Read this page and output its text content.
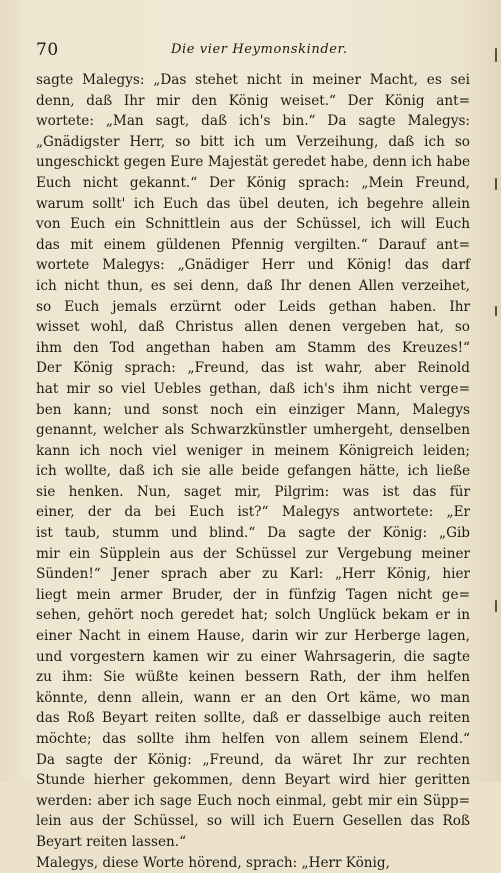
70	Die vier Heymonskinder.
sagte Malegys: „Das stehet nicht in meiner Macht, es sei
denn, daß Ihr mir den König weiset.“ Der König ant=
wortete: „Man sagt, daß ich's bin.“ Da sagte Malegys:
„Gnädigster Herr, so bitt ich um Verzeihung, daß ich so
ungeschickt gegen Eure Majestät geredet habe, denn ich habe
Euch nicht gekannt.“ Der König sprach: „Mein Freund,
warum sollt' ich Euch das übel deuten, ich begehre allein
von Euch ein Schnittlein aus der Schüssel, ich will Euch
das mit einem güldenen Pfennig vergilten.“ Darauf ant=
wortete Malegys: „Gnädiger Herr und König! das darf
ich nicht thun, es sei denn, daß Ihr denen Allen verzeihet,
so Euch jemals erzürnt oder Leids gethan haben. Ihr
wisset wohl, daß Christus allen denen vergeben hat, so
ihm den Tod angethan haben am Stamm des Kreuzes!“
Der König sprach: „Freund, das ist wahr, aber Reinold
hat mir so viel Uebles gethan, daß ich's ihm nicht verge=
ben kann; und sonst noch ein einziger Mann, Malegys
genannt, welcher als Schwarzkünstler umhergeht, denselben
kann ich noch viel weniger in meinem Königreich leiden;
ich wollte, daß ich sie alle beide gefangen hätte, ich ließe
sie henken. Nun, saget mir, Pilgrim: was ist das für
einer, der da bei Euch ist?“ Malegys antwortete: „Er
ist taub, stumm und blind.“ Da sagte der König: „Gib
mir ein Süpplein aus der Schüssel zur Vergebung meiner
Sünden!“ Jener sprach aber zu Karl: „Herr König, hier
liegt mein armer Bruder, der in fünfzig Tagen nicht ge=
sehen, gehört noch geredet hat; solch Unglück bekam er in
einer Nacht in einem Hause, darin wir zur Herberge lagen,
und vorgestern kamen wir zu einer Wahrsagerin, die sagte
zu ihm: Sie wüßte keinen bessern Rath, der ihm helfen
könnte, denn allein, wann er an den Ort käme, wo man
das Roß Beyart reiten sollte, daß er dasselbige auch reiten
möchte; das sollte ihm helfen von allem seinem Elend.“
Da sagte der König: „Freund, da wäret Ihr zur rechten
Stunde hierher gekommen, denn Beyart wird hier geritten
werden: aber ich sage Euch noch einmal, gebt mir ein Süpp=
lein aus der Schüssel, so will ich Euern Gesellen das Roß
Beyart reiten lassen.“
Malegys, diese Worte hörend, sprach: „Herr König,
